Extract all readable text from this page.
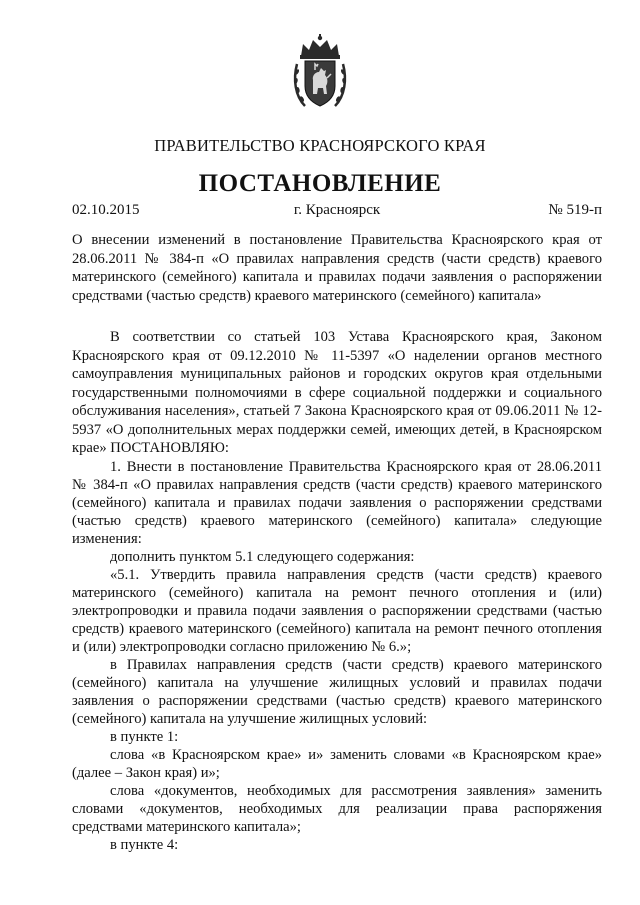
ПРАВИТЕЛЬСТВО КРАСНОЯРСКОГО КРАЯ
ПОСТАНОВЛЕНИЕ
02.10.2015	г. Красноярск	№ 519-п

О внесении изменений в постановление Правительства Красноярского края от 28.06.2011 № 384-п «О правилах направления средств (части средств) краевого материнского (семейного) капитала и правилах подачи заявления о распоряжении средствами (частью средств) краевого материнского (семейного) капитала»

В соответствии со статьей 103 Устава Красноярского края, Законом Красноярского края от 09.12.2010 № 11-5397 «О наделении органов местного самоуправления муниципальных районов и городских округов края отдельными государственными полномочиями в сфере социальной поддержки и социального обслуживания населения», статьей 7 Закона Красноярского края от 09.06.2011 № 12-5937 «О дополнительных мерах поддержки семей, имеющих детей, в Красноярском крае» ПОСТАНОВЛЯЮ:

1. Внести в постановление Правительства Красноярского края от 28.06.2011 № 384-п «О правилах направления средств (части средств) краевого материнского (семейного) капитала и правилах подачи заявления о распоряжении средствами (частью средств) краевого материнского (семейного) капитала» следующие изменения:

дополнить пунктом 5.1 следующего содержания:

«5.1. Утвердить правила направления средств (части средств) краевого материнского (семейного) капитала на ремонт печного отопления и (или) электропроводки и правила подачи заявления о распоряжении средствами (частью средств) краевого материнского (семейного) капитала на ремонт печного отопления и (или) электропроводки согласно приложению № 6.»;

в Правилах направления средств (части средств) краевого материнского (семейного) капитала на улучшение жилищных условий и правилах подачи заявления о распоряжении средствами (частью средств) краевого материнского (семейного) капитала на улучшение жилищных условий:

в пункте 1:

слова «в Красноярском крае» и» заменить словами «в Красноярском крае» (далее – Закон края) и»;

слова «документов, необходимых для рассмотрения заявления» заменить словами «документов, необходимых для реализации права распоряжения средствами материнского капитала»;

в пункте 4:
